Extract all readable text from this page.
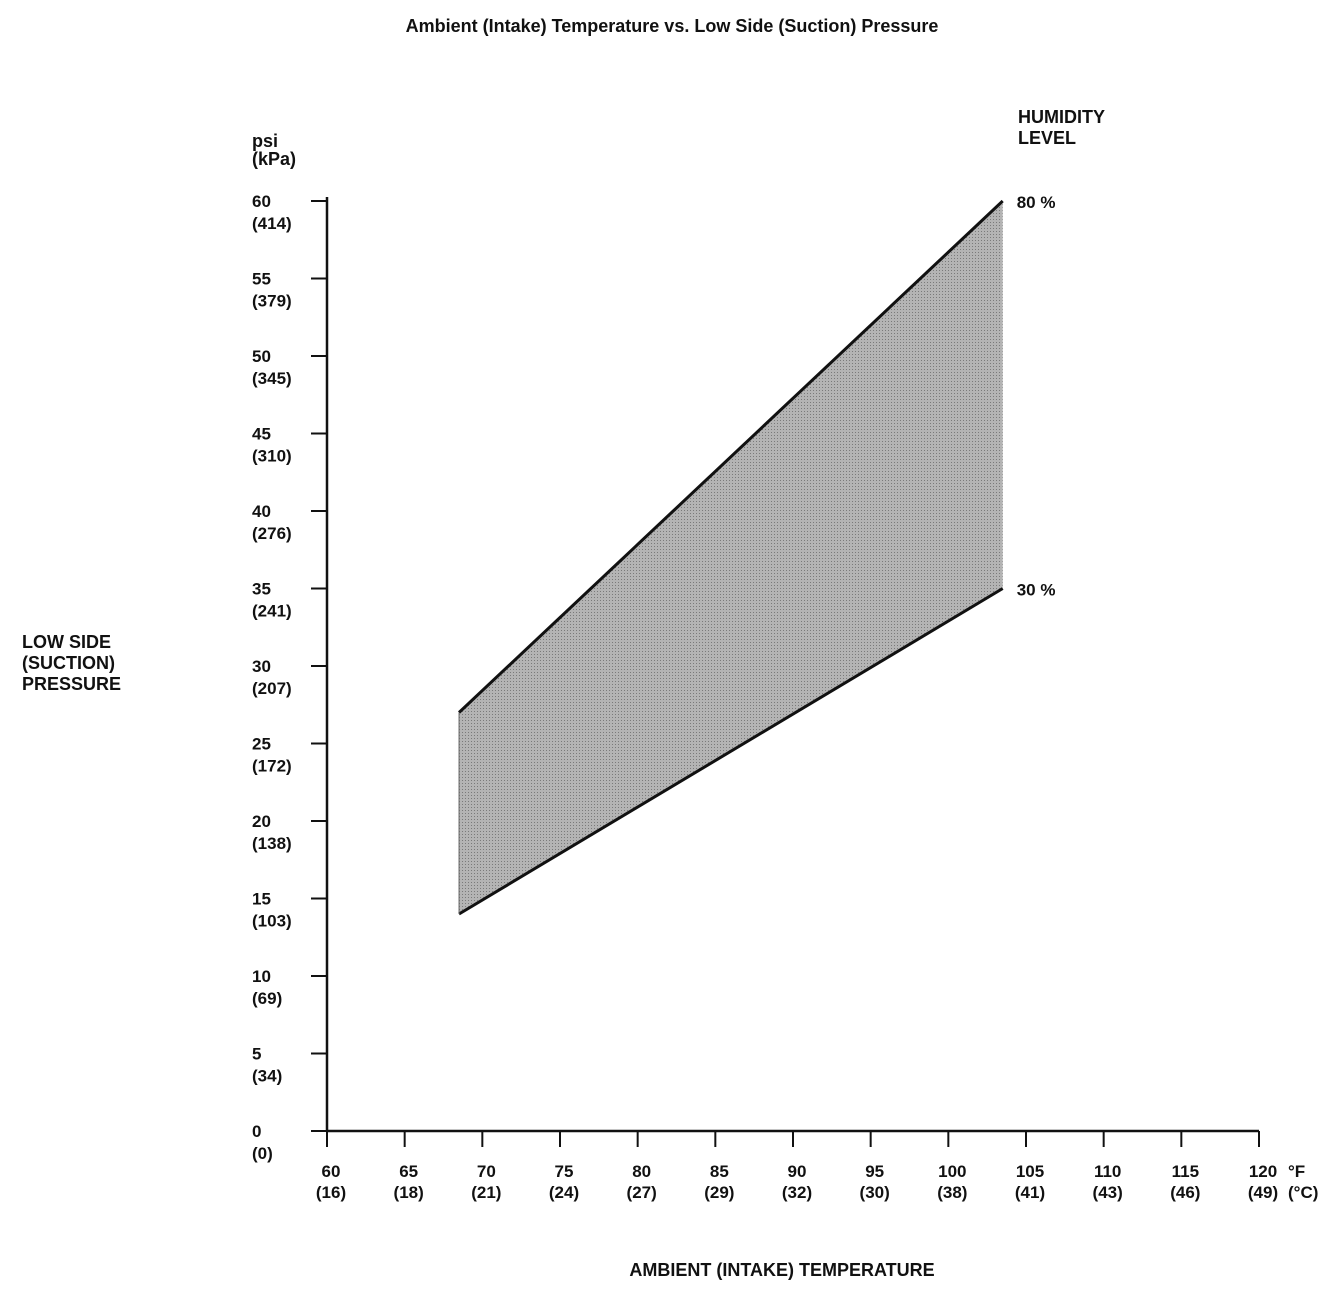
Ambient (Intake) Temperature vs. Low Side (Suction) Pressure
psi
(kPa)
HUMIDITY
LEVEL
LOW SIDE
(SUCTION)
PRESSURE
AMBIENT (INTAKE) TEMPERATURE
0
(0)
5
(34)
10
(69)
15
(103)
20
(138)
25
(172)
30
(207)
35
(241)
40
(276)
45
(310)
50
(345)
55
(379)
60
(414)
60
(16)
65
(18)
70
(21)
75
(24)
80
(27)
85
(29)
90
(32)
95
(30)
100
(38)
105
(41)
110
(43)
115
(46)
120
(49)
°F
(°C)
80 %
30 %
